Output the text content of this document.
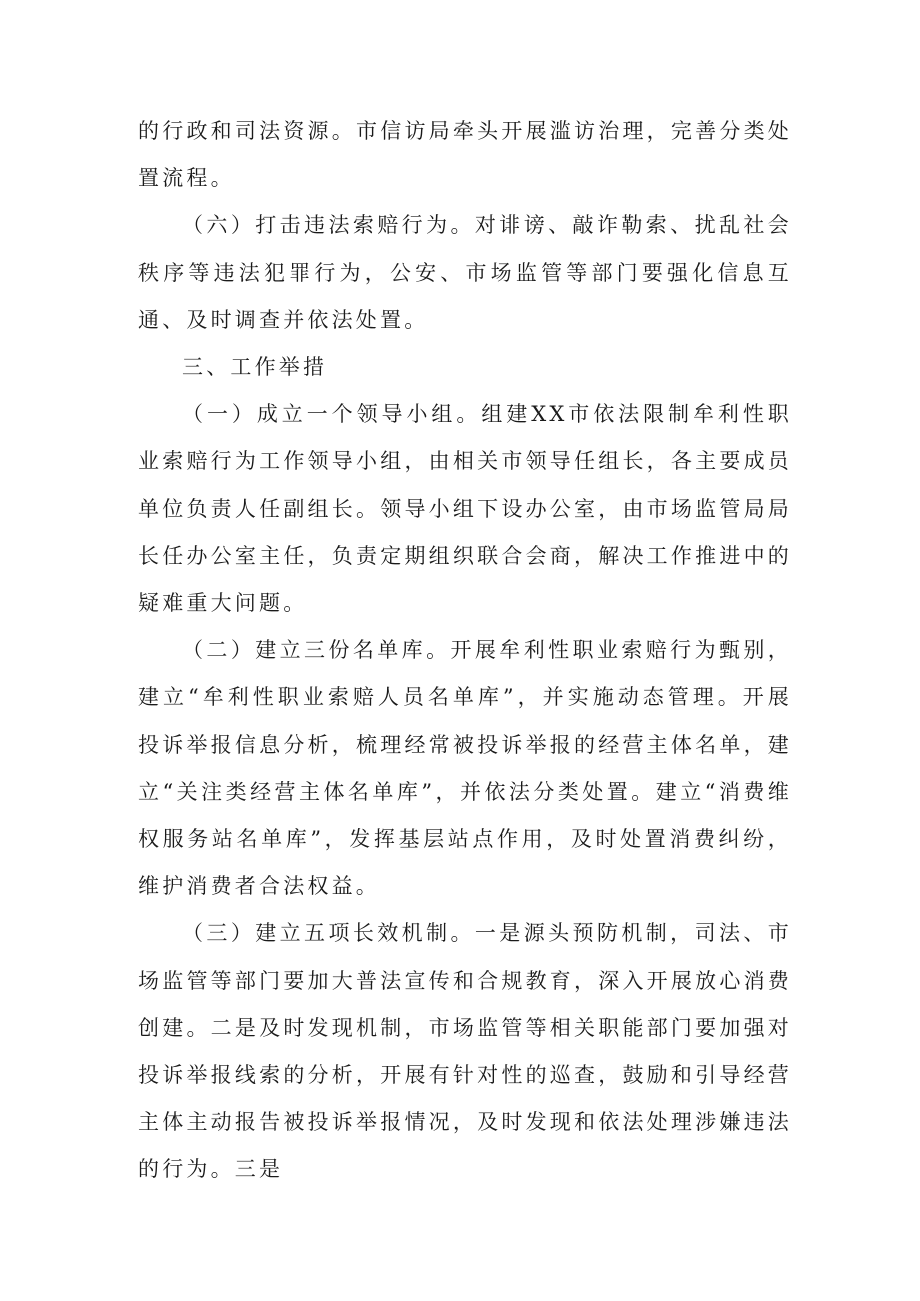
的行政和司法资源。市信访局牵头开展滥访治理，完善分类处置流程。

（六）打击违法索赔行为。对诽谤、敲诈勒索、扰乱社会秩序等违法犯罪行为，公安、市场监管等部门要强化信息互通、及时调查并依法处置。

三、工作举措

（一）成立一个领导小组。组建XX市依法限制牟利性职业索赔行为工作领导小组，由相关市领导任组长，各主要成员单位负责人任副组长。领导小组下设办公室，由市场监管局局长任办公室主任，负责定期组织联合会商，解决工作推进中的疑难重大问题。

（二）建立三份名单库。开展牟利性职业索赔行为甄别，建立“牟利性职业索赔人员名单库”，并实施动态管理。开展投诉举报信息分析，梳理经常被投诉举报的经营主体名单，建立“关注类经营主体名单库”，并依法分类处置。建立“消费维权服务站名单库”，发挥基层站点作用，及时处置消费纠纷，维护消费者合法权益。

（三）建立五项长效机制。一是源头预防机制，司法、市场监管等部门要加大普法宣传和合规教育，深入开展放心消费创建。二是及时发现机制，市场监管等相关职能部门要加强对投诉举报线索的分析，开展有针对性的巡查，鼓励和引导经营主体主动报告被投诉举报情况，及时发现和依法处理涉嫌违法的行为。三是
